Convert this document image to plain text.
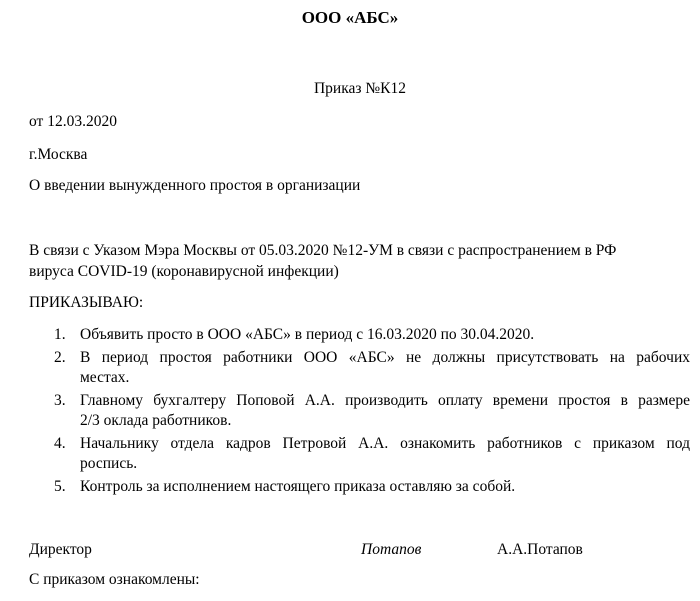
ООО «АБС»
Приказ №К12
от 12.03.2020
г.Москва
О введении вынужденного простоя в организации
В связи с Указом Мэра Москвы от 05.03.2020 №12-УМ в связи с распространением в РФ
вируса COVID-19 (коронавирусной инфекции)
ПРИКАЗЫВАЮ:
1. Объявить просто в ООО «АБС» в период с 16.03.2020 по 30.04.2020.
2. В период простоя работники ООО «АБС» не должны присутствовать на рабочих
местах.
3. Главному бухгалтеру Поповой А.А. производить оплату времени простоя в размере
2/3 оклада работников.
4. Начальнику отдела кадров Петровой А.А. ознакомить работников с приказом под
роспись.
5. Контроль за исполнением настоящего приказа оставляю за собой.
Директор	Потапов	А.А.Потапов
С приказом ознакомлены:
